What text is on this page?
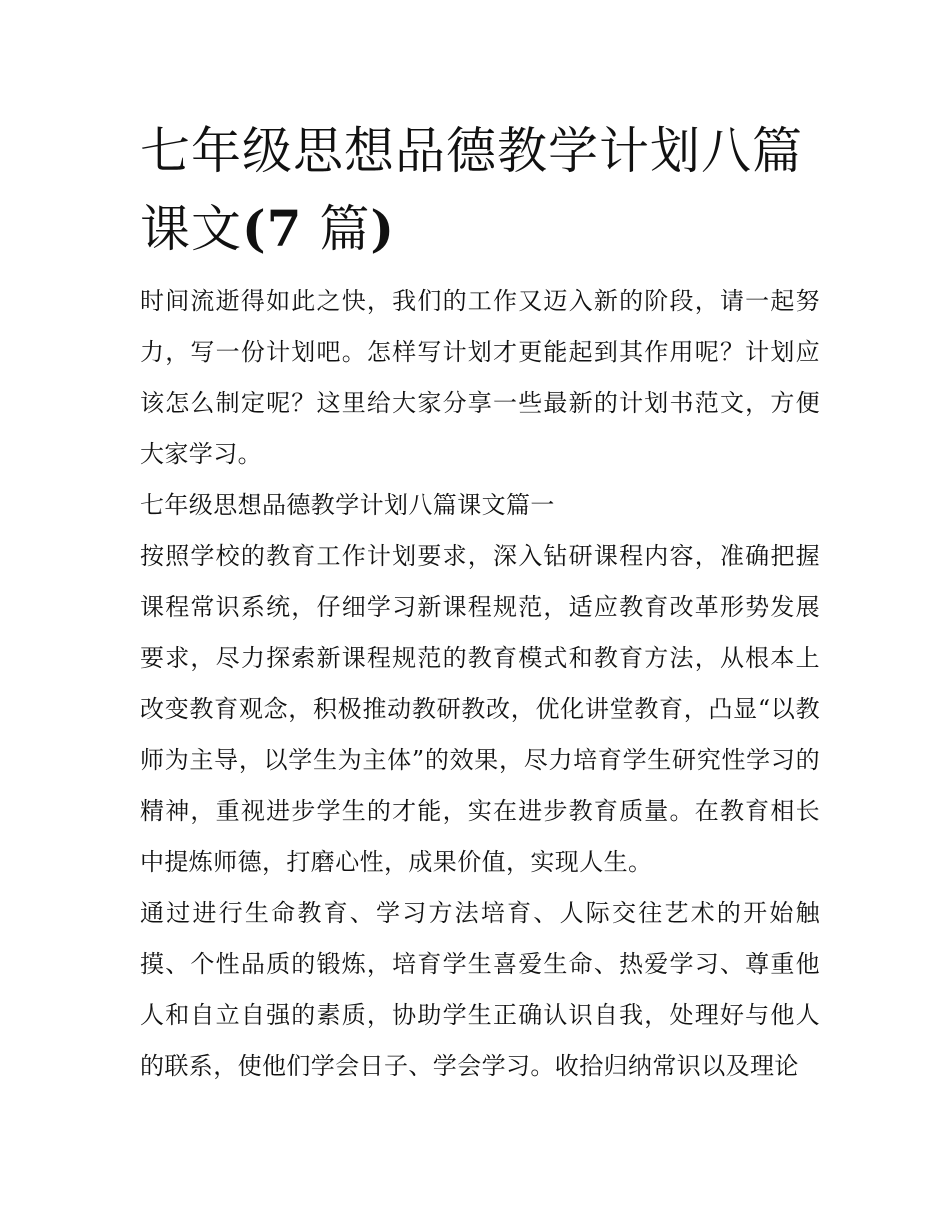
七年级思想品德教学计划八篇
课文(7 篇)

时间流逝得如此之快，我们的工作又迈入新的阶段，请一起努力，写一份计划吧。怎样写计划才更能起到其作用呢？计划应该怎么制定呢？这里给大家分享一些最新的计划书范文，方便大家学习。

七年级思想品德教学计划八篇课文篇一

按照学校的教育工作计划要求，深入钻研课程内容，准确把握课程常识系统，仔细学习新课程规范，适应教育改革形势发展要求，尽力探索新课程规范的教育模式和教育方法，从根本上改变教育观念，积极推动教研教改，优化讲堂教育，凸显“以教师为主导，以学生为主体”的效果，尽力培育学生研究性学习的精神，重视进步学生的才能，实在进步教育质量。在教育相长中提炼师德，打磨心性，成果价值，实现人生。

通过进行生命教育、学习方法培育、人际交往艺术的开始触摸、个性品质的锻炼，培育学生喜爱生命、热爱学习、尊重他人和自立自强的素质，协助学生正确认识自我，处理好与他人的联系，使他们学会日子、学会学习。收拾归纳常识以及理论
